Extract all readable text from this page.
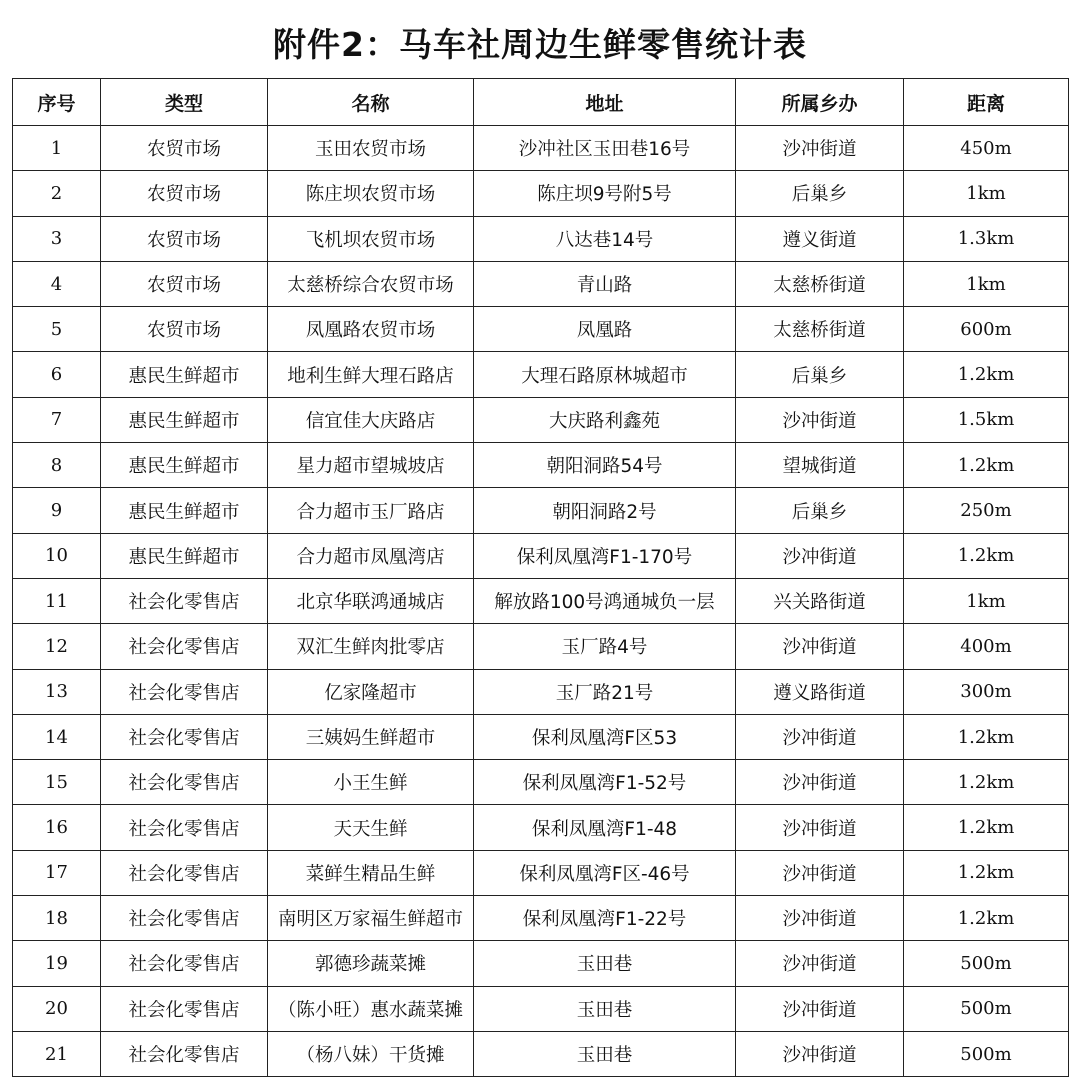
附件2：马车社周边生鲜零售统计表
序号	类型	名称	地址	所属乡办	距离
1	农贸市场	玉田农贸市场	沙冲社区玉田巷16号	沙冲街道	450m
2	农贸市场	陈庄坝农贸市场	陈庄坝9号附5号	后巢乡	1km
3	农贸市场	飞机坝农贸市场	八达巷14号	遵义街道	1.3km
4	农贸市场	太慈桥综合农贸市场	青山路	太慈桥街道	1km
5	农贸市场	凤凰路农贸市场	凤凰路	太慈桥街道	600m
6	惠民生鲜超市	地利生鲜大理石路店	大理石路原林城超市	后巢乡	1.2km
7	惠民生鲜超市	信宜佳大庆路店	大庆路利鑫苑	沙冲街道	1.5km
8	惠民生鲜超市	星力超市望城坡店	朝阳洞路54号	望城街道	1.2km
9	惠民生鲜超市	合力超市玉厂路店	朝阳洞路2号	后巢乡	250m
10	惠民生鲜超市	合力超市凤凰湾店	保利凤凰湾F1-170号	沙冲街道	1.2km
11	社会化零售店	北京华联鸿通城店	解放路100号鸿通城负一层	兴关路街道	1km
12	社会化零售店	双汇生鲜肉批零店	玉厂路4号	沙冲街道	400m
13	社会化零售店	亿家隆超市	玉厂路21号	遵义路街道	300m
14	社会化零售店	三姨妈生鲜超市	保利凤凰湾F区53	沙冲街道	1.2km
15	社会化零售店	小王生鲜	保利凤凰湾F1-52号	沙冲街道	1.2km
16	社会化零售店	天天生鲜	保利凤凰湾F1-48	沙冲街道	1.2km
17	社会化零售店	菜鲜生精品生鲜	保利凤凰湾F区-46号	沙冲街道	1.2km
18	社会化零售店	南明区万家福生鲜超市	保利凤凰湾F1-22号	沙冲街道	1.2km
19	社会化零售店	郭德珍蔬菜摊	玉田巷	沙冲街道	500m
20	社会化零售店	（陈小旺）惠水蔬菜摊	玉田巷	沙冲街道	500m
21	社会化零售店	（杨八妹）干货摊	玉田巷	沙冲街道	500m
